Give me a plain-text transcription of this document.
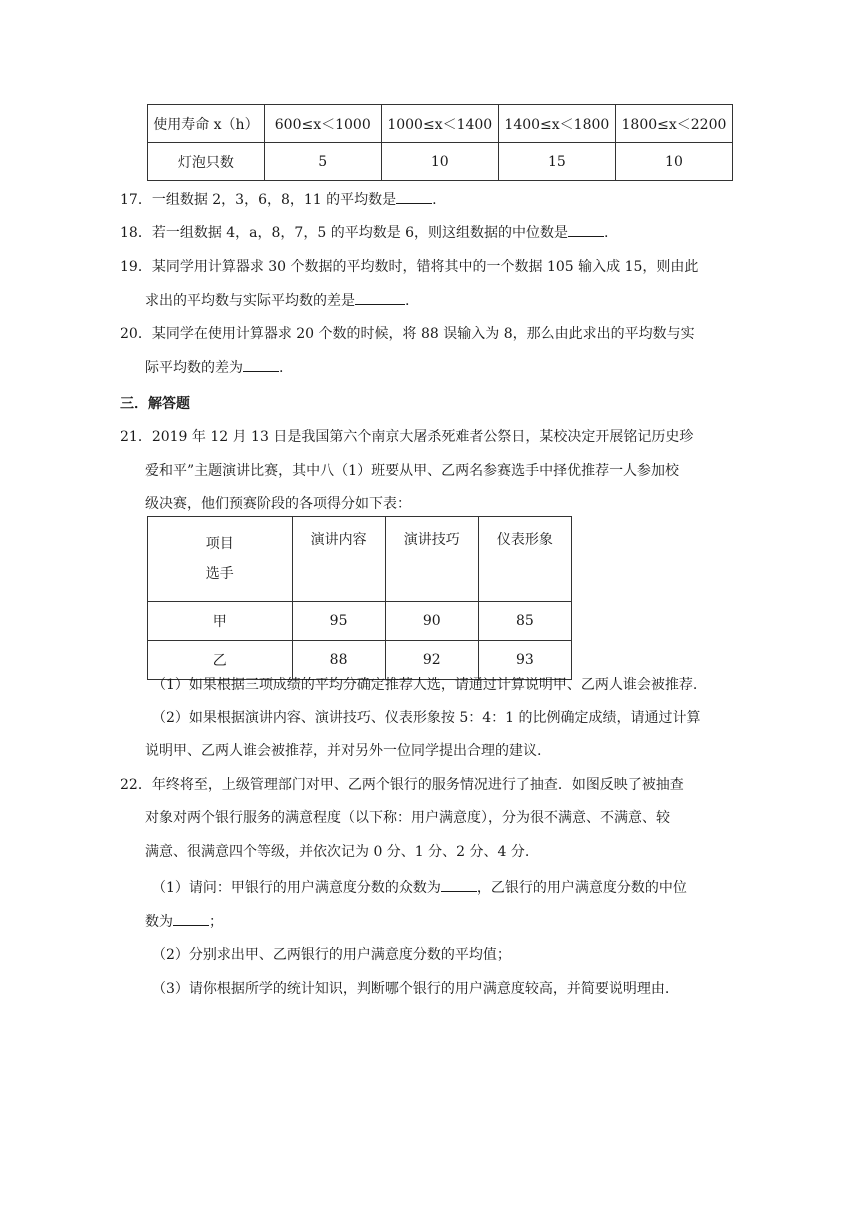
使用寿命 x（h）	600≤x＜1000	1000≤x＜1400	1400≤x＜1800	1800≤x＜2200
灯泡只数	5	10	15	10
17．一组数据 2，3，6，8，11 的平均数是	.
18．若一组数据 4，a，8，7，5 的平均数是 6，则这组数据的中位数是	.
19．某同学用计算器求 30 个数据的平均数时，错将其中的一个数据 105 输入成 15，则由此
求出的平均数与实际平均数的差是	.
20．某同学在使用计算器求 20 个数的时候，将 88 误输入为 8，那么由此求出的平均数与实
际平均数的差为	.
三．解答题
21．2019 年 12 月 13 日是我国第六个南京大屠杀死难者公祭日，某校决定开展铭记历史珍
爱和平”主题演讲比赛，其中八（1）班要从甲、乙两名参赛选手中择优推荐一人参加校
级决赛，他们预赛阶段的各项得分如下表：
项目
选手	演讲内容	演讲技巧	仪表形象
甲	95	90	85
乙	88	92	93
（1）如果根据三项成绩的平均分确定推荐人选，请通过计算说明甲、乙两人谁会被推荐.
（2）如果根据演讲内容、演讲技巧、仪表形象按 5：4：1 的比例确定成绩，请通过计算
说明甲、乙两人谁会被推荐，并对另外一位同学提出合理的建议.
22．年终将至，上级管理部门对甲、乙两个银行的服务情况进行了抽查．如图反映了被抽查
对象对两个银行服务的满意程度（以下称：用户满意度），分为很不满意、不满意、较
满意、很满意四个等级，并依次记为 0 分、1 分、2 分、4 分.
（1）请问：甲银行的用户满意度分数的众数为	，乙银行的用户满意度分数的中位
数为	；
（2）分别求出甲、乙两银行的用户满意度分数的平均值；
（3）请你根据所学的统计知识，判断哪个银行的用户满意度较高，并简要说明理由.
